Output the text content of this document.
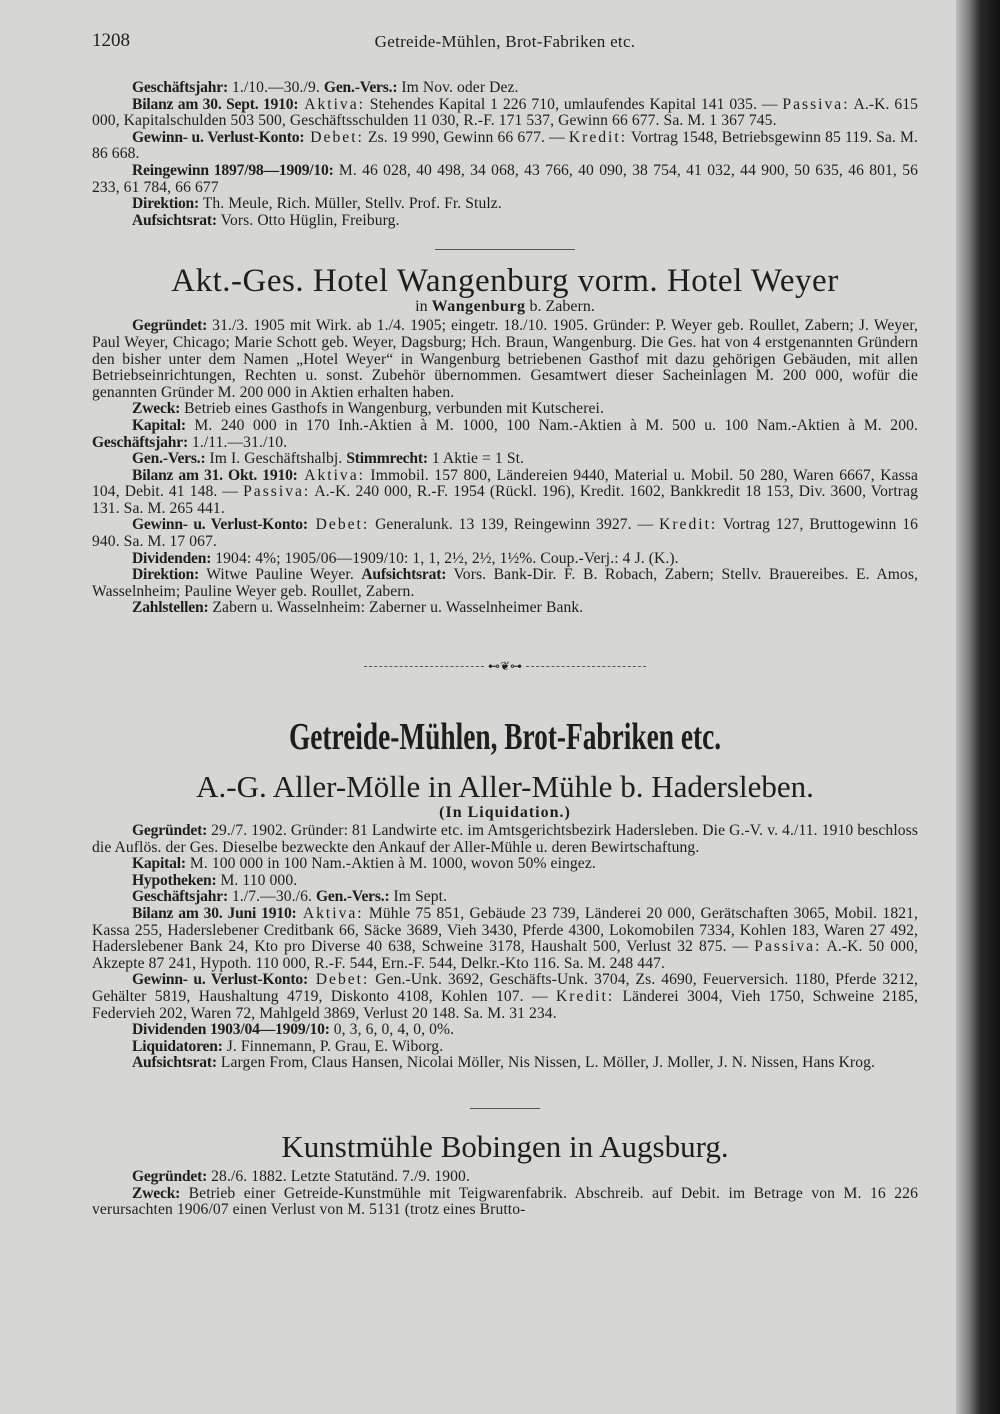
1208	Getreide-Mühlen, Brot-Fabriken etc.

Geschäftsjahr: 1./10.—30./9. Gen.-Vers.: Im Nov. oder Dez.

Bilanz am 30. Sept. 1910: Aktiva: Stehendes Kapital 1 226 710, umlaufendes Kapital 141 035. — Passiva: A.-K. 615 000, Kapitalschulden 503 500, Geschäftsschulden 11 030, R.-F. 171 537, Gewinn 66 677. Sa. M. 1 367 745.

Gewinn- u. Verlust-Konto: Debet: Zs. 19 990, Gewinn 66 677. — Kredit: Vortrag 1548, Betriebsgewinn 85 119. Sa. M. 86 668.

Reingewinn 1897/98—1909/10: M. 46 028, 40 498, 34 068, 43 766, 40 090, 38 754, 41 032, 44 900, 50 635, 46 801, 56 233, 61 784, 66 677

Direktion: Th. Meule, Rich. Müller, Stellv. Prof. Fr. Stulz.

Aufsichtsrat: Vors. Otto Hüglin, Freiburg.

Akt.-Ges. Hotel Wangenburg vorm. Hotel Weyer
in Wangenburg b. Zabern.

Gegründet: 31./3. 1905 mit Wirk. ab 1./4. 1905; eingetr. 18./10. 1905. Gründer: P. Weyer geb. Roullet, Zabern; J. Weyer, Paul Weyer, Chicago; Marie Schott geb. Weyer, Dagsburg; Hch. Braun, Wangenburg. Die Ges. hat von 4 erstgenannten Gründern den bisher unter dem Namen „Hotel Weyer“ in Wangenburg betriebenen Gasthof mit dazu gehörigen Gebäuden, mit allen Betriebseinrichtungen, Rechten u. sonst. Zubehör übernommen. Gesamtwert dieser Sacheinlagen M. 200 000, wofür die genannten Gründer M. 200 000 in Aktien erhalten haben.

Zweck: Betrieb eines Gasthofs in Wangenburg, verbunden mit Kutscherei.

Kapital: M. 240 000 in 170 Inh.-Aktien à M. 1000, 100 Nam.-Aktien à M. 500 u. 100 Nam.-Aktien à M. 200. Geschäftsjahr: 1./11.—31./10.

Gen.-Vers.: Im I. Geschäftshalbj. Stimmrecht: 1 Aktie = 1 St.

Bilanz am 31. Okt. 1910: Aktiva: Immobil. 157 800, Ländereien 9440, Material u. Mobil. 50 280, Waren 6667, Kassa 104, Debit. 41 148. — Passiva: A.-K. 240 000, R.-F. 1954 (Rückl. 196), Kredit. 1602, Bankkredit 18 153, Div. 3600, Vortrag 131. Sa. M. 265 441.

Gewinn- u. Verlust-Konto: Debet: Generalunk. 13 139, Reingewinn 3927. — Kredit: Vortrag 127, Bruttogewinn 16 940. Sa. M. 17 067.

Dividenden: 1904: 4%; 1905/06—1909/10: 1, 1, 2½, 2½, 1½%. Coup.-Verj.: 4 J. (K.).

Direktion: Witwe Pauline Weyer. Aufsichtsrat: Vors. Bank-Dir. F. B. Robach, Zabern; Stellv. Brauereibes. E. Amos, Wasselnheim; Pauline Weyer geb. Roullet, Zabern.

Zahlstellen: Zabern u. Wasselnheim: Zaberner u. Wasselnheimer Bank.

⊷❦⊶
Getreide-Mühlen, Brot-Fabriken etc.
A.-G. Aller-Mölle in Aller-Mühle b. Hadersleben.
(In Liquidation.)

Gegründet: 29./7. 1902. Gründer: 81 Landwirte etc. im Amtsgerichtsbezirk Hadersleben. Die G.-V. v. 4./11. 1910 beschloss die Auflös. der Ges. Dieselbe bezweckte den Ankauf der Aller-Mühle u. deren Bewirtschaftung.

Kapital: M. 100 000 in 100 Nam.-Aktien à M. 1000, wovon 50% eingez.

Hypotheken: M. 110 000.

Geschäftsjahr: 1./7.—30./6. Gen.-Vers.: Im Sept.

Bilanz am 30. Juni 1910: Aktiva: Mühle 75 851, Gebäude 23 739, Länderei 20 000, Gerätschaften 3065, Mobil. 1821, Kassa 255, Haderslebener Creditbank 66, Säcke 3689, Vieh 3430, Pferde 4300, Lokomobilen 7334, Kohlen 183, Waren 27 492, Haderslebener Bank 24, Kto pro Diverse 40 638, Schweine 3178, Haushalt 500, Verlust 32 875. — Passiva: A.-K. 50 000, Akzepte 87 241, Hypoth. 110 000, R.-F. 544, Ern.-F. 544, Delkr.-Kto 116. Sa. M. 248 447.

Gewinn- u. Verlust-Konto: Debet: Gen.-Unk. 3692, Geschäfts-Unk. 3704, Zs. 4690, Feuerversich. 1180, Pferde 3212, Gehälter 5819, Haushaltung 4719, Diskonto 4108, Kohlen 107. — Kredit: Länderei 3004, Vieh 1750, Schweine 2185, Federvieh 202, Waren 72, Mahlgeld 3869, Verlust 20 148. Sa. M. 31 234.

Dividenden 1903/04—1909/10: 0, 3, 6, 0, 4, 0, 0%.

Liquidatoren: J. Finnemann, P. Grau, E. Wiborg.

Aufsichtsrat: Largen From, Claus Hansen, Nicolai Möller, Nis Nissen, L. Möller, J. Moller, J. N. Nissen, Hans Krog.

Kunstmühle Bobingen in Augsburg.

Gegründet: 28./6. 1882. Letzte Statutänd. 7./9. 1900.

Zweck: Betrieb einer Getreide-Kunstmühle mit Teigwarenfabrik. Abschreib. auf Debit. im Betrage von M. 16 226 verursachten 1906/07 einen Verlust von M. 5131 (trotz eines Brutto-
